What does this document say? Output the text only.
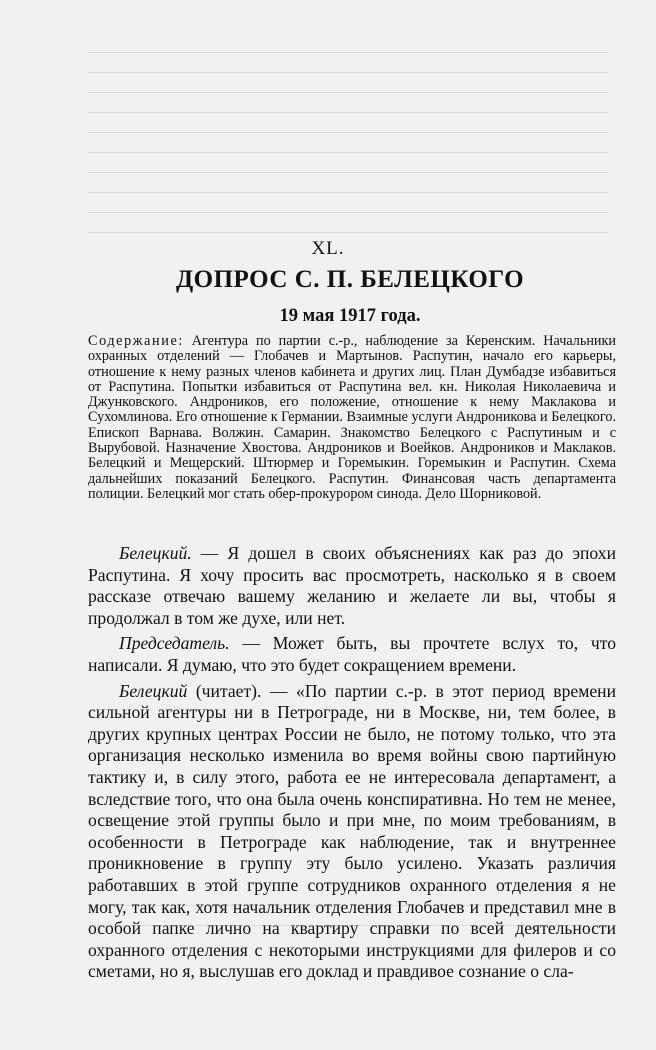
XL.
ДОПРОС С. П. БЕЛЕЦКОГО
19 мая 1917 года.
Содержание: Агентура по партии с.-р., наблюдение за Керенским. Начальники охранных отделений — Глобачев и Мартынов. Распутин, начало его карьеры, отношение к нему разных членов кабинета и других лиц. План Думбадзе избавиться от Распутина. Попытки избавиться от Распутина вел. кн. Николая Николаевича и Джунковского. Андроников, его положение, отношение к нему Маклакова и Сухомлинова. Его отношение к Германии. Взаимные услуги Андроникова и Белецкого. Епископ Варнава. Волжин. Самарин. Знакомство Белецкого с Распутиным и с Вырубовой. Назначение Хвостова. Андроников и Воейков. Андроников и Маклаков. Белецкий и Мещерский. Штюрмер и Горемыкин. Горемыкин и Распутин. Схема дальнейших показаний Белецкого. Распутин. Финансовая часть департамента полиции. Белецкий мог стать обер-прокурором синода. Дело Шорниковой.

Белецкий. — Я дошел в своих объяснениях как раз до эпохи Распутина. Я хочу просить вас просмотреть, насколько я в своем рассказе отвечаю вашему желанию и желаете ли вы, чтобы я продолжал в том же духе, или нет.

Председатель. — Может быть, вы прочтете вслух то, что написали. Я думаю, что это будет сокращением времени.

Белецкий (читает). — «По партии с.-р. в этот период времени сильной агентуры ни в Петрограде, ни в Москве, ни, тем более, в других крупных центрах России не было, не потому только, что эта организация несколько изменила во время войны свою партийную тактику и, в силу этого, работа ее не интересовала департамент, а вследствие того, что она была очень конспиративна. Но тем не менее, освещение этой группы было и при мне, по моим требованиям, в особенности в Петрограде как наблюдение, так и внутреннее проникновение в группу эту было усилено. Указать различия работавших в этой группе сотрудников охранного отделения я не могу, так как, хотя начальник отделения Глобачев и представил мне в особой папке лично на квартиру справки по всей деятельности охранного отделения с некоторыми инструкциями для филеров и со сметами, но я, выслушав его доклад и правдивое сознание о сла-
